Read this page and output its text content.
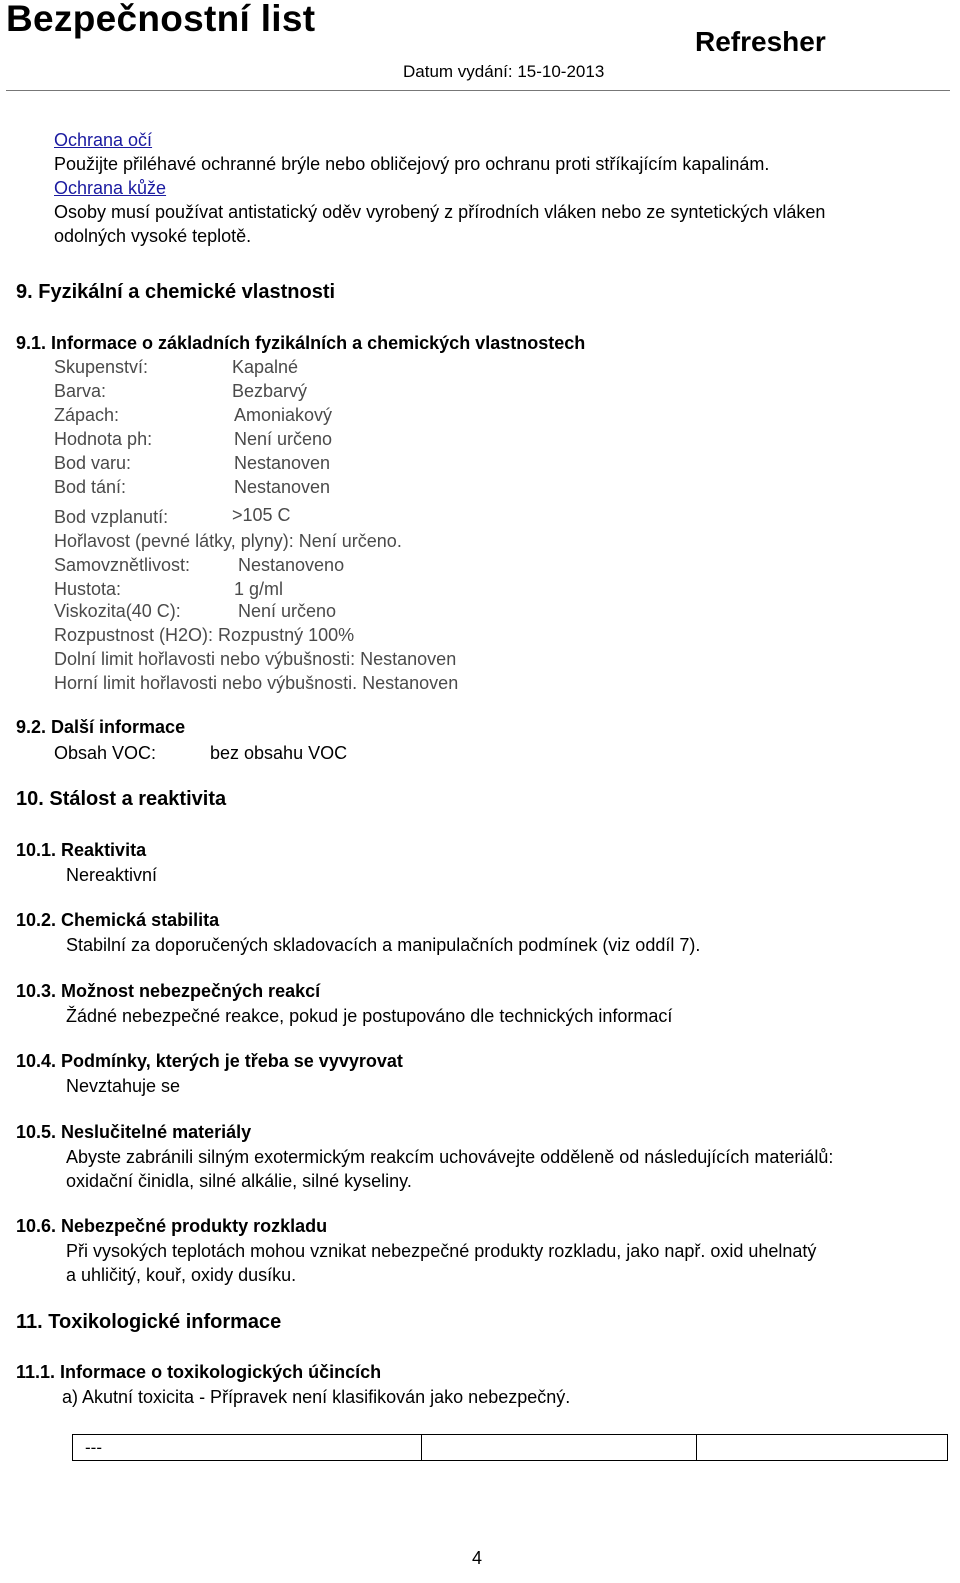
Bezpečnostní list
Refresher
Datum vydání: 15-10-2013
Ochrana očí
Použijte přiléhavé ochranné brýle nebo obličejový pro ochranu proti stříkajícím kapalinám.
Ochrana kůže
Osoby musí používat antistatický oděv vyrobený z přírodních vláken nebo ze syntetických vláken
odolných vysoké teplotě.
9. Fyzikální a chemické vlastnosti
9.1. Informace o základních fyzikálních a chemických vlastnostech
Skupenství:	Kapalné
Barva:	Bezbarvý
Zápach:	Amoniakový
Hodnota ph:	Není určeno
Bod varu:	Nestanoven
Bod tání:	Nestanoven
Bod vzplanutí:	>105 C
Hořlavost (pevné látky, plyny): Není určeno.
Samovznětlivost:	Nestanoveno
Hustota:	1 g/ml
Viskozita(40 C):	Není určeno
Rozpustnost (H2O): Rozpustný 100%
Dolní limit hořlavosti nebo výbušnosti: Nestanoven
Horní limit hořlavosti nebo výbušnosti. Nestanoven
9.2. Další informace
Obsah VOC:	bez obsahu VOC
10. Stálost a reaktivita
10.1. Reaktivita
Nereaktivní
10.2. Chemická stabilita
Stabilní za doporučených skladovacích a manipulačních podmínek (viz oddíl 7).
10.3. Možnost nebezpečných reakcí
Žádné nebezpečné reakce, pokud je postupováno dle technických informací
10.4. Podmínky, kterých je třeba se vyvyrovat
Nevztahuje se
10.5. Neslučitelné materiály
Abyste zabránili silným exotermickým reakcím uchovávejte odděleně od následujících materiálů:
oxidační činidla, silné alkálie, silné kyseliny.
10.6. Nebezpečné produkty rozkladu
Při vysokých teplotách mohou vznikat nebezpečné produkty rozkladu, jako např. oxid uhelnatý
a uhličitý, kouř, oxidy dusíku.
11. Toxikologické informace
11.1. Informace o toxikologických účincích
a) Akutní toxicita - Přípravek není klasifikován jako nebezpečný.
---		
4
